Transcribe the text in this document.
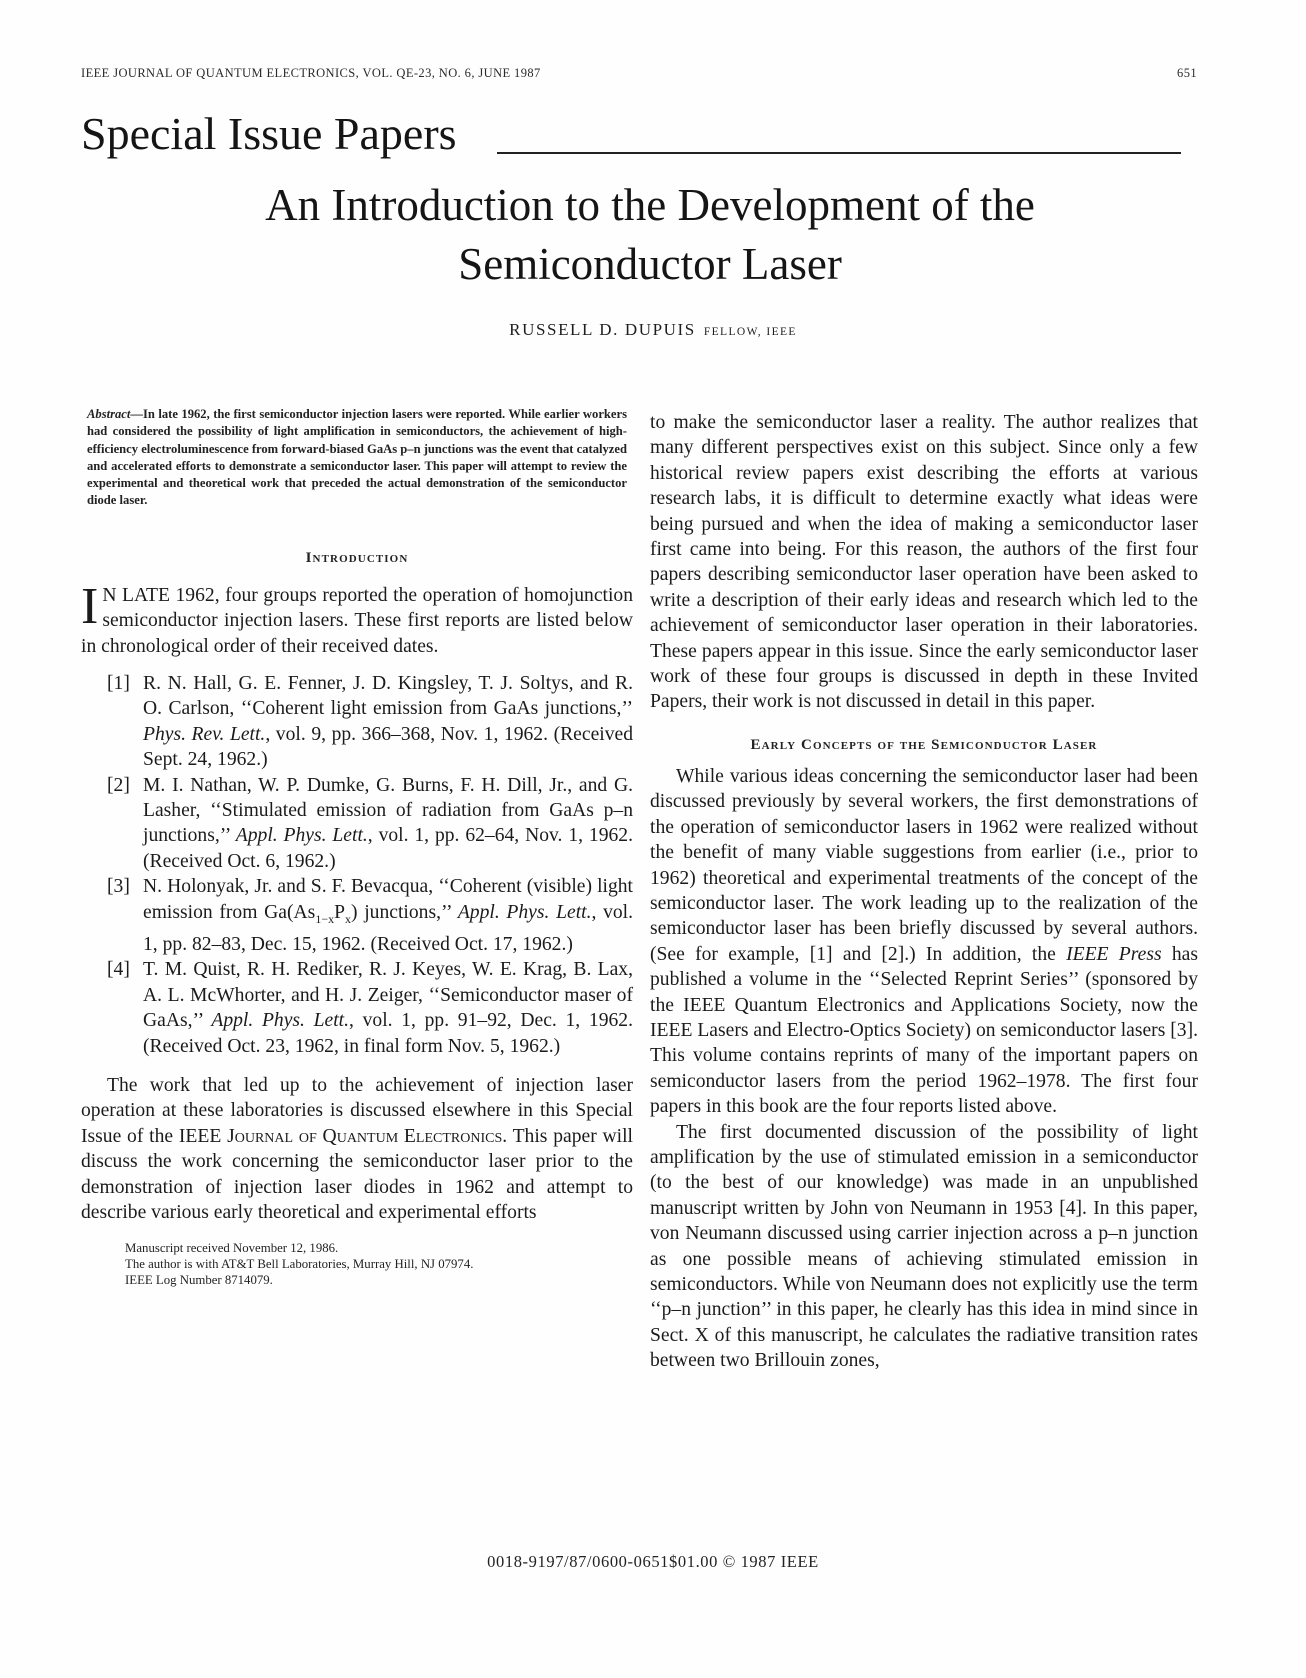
IEEE JOURNAL OF QUANTUM ELECTRONICS, VOL. QE-23, NO. 6, JUNE 1987	651
Special Issue Papers
An Introduction to the Development of the
Semiconductor Laser
RUSSELL D. DUPUIS FELLOW, IEEE

Abstract—In late 1962, the first semiconductor injection lasers were reported. While earlier workers had considered the possibility of light amplification in semiconductors, the achievement of high-efficiency electroluminescence from forward-biased GaAs p–n junctions was the event that catalyzed and accelerated efforts to demonstrate a semiconductor laser. This paper will attempt to review the experimental and theoretical work that preceded the actual demonstration of the semiconductor diode laser.

Introduction

I N LATE 1962, four groups reported the operation of homojunction semiconductor injection lasers. These first reports are listed below in chronological order of their received dates.

[1] R. N. Hall, G. E. Fenner, J. D. Kingsley, T. J. Soltys, and R. O. Carlson, ‘‘Coherent light emission from GaAs junctions,’’ Phys. Rev. Lett., vol. 9, pp. 366–368, Nov. 1, 1962. (Received Sept. 24, 1962.)
[2] M. I. Nathan, W. P. Dumke, G. Burns, F. H. Dill, Jr., and G. Lasher, ‘‘Stimulated emission of radiation from GaAs p–n junctions,’’ Appl. Phys. Lett., vol. 1, pp. 62–64, Nov. 1, 1962. (Received Oct. 6, 1962.)
[3] N. Holonyak, Jr. and S. F. Bevacqua, ‘‘Coherent (visible) light emission from $Ga(As_{1-x}P_x)$ junctions,’’ Appl. Phys. Lett., vol. 1, pp. 82–83, Dec. 15, 1962. (Received Oct. 17, 1962.)
[4] T. M. Quist, R. H. Rediker, R. J. Keyes, W. E. Krag, B. Lax, A. L. McWhorter, and H. J. Zeiger, ‘‘Semiconductor maser of GaAs,’’ Appl. Phys. Lett., vol. 1, pp. 91–92, Dec. 1, 1962. (Received Oct. 23, 1962, in final form Nov. 5, 1962.)

The work that led up to the achievement of injection laser operation at these laboratories is discussed elsewhere in this Special Issue of the IEEE Journal of Quantum Electronics. This paper will discuss the work concerning the semiconductor laser prior to the demonstration of injection laser diodes in 1962 and attempt to describe various early theoretical and experimental efforts

Manuscript received November 12, 1986.

The author is with AT&T Bell Laboratories, Murray Hill, NJ 07974.

IEEE Log Number 8714079.

to make the semiconductor laser a reality. The author realizes that many different perspectives exist on this subject. Since only a few historical review papers exist describing the efforts at various research labs, it is difficult to determine exactly what ideas were being pursued and when the idea of making a semiconductor laser first came into being. For this reason, the authors of the first four papers describing semiconductor laser operation have been asked to write a description of their early ideas and research which led to the achievement of semiconductor laser operation in their laboratories. These papers appear in this issue. Since the early semiconductor laser work of these four groups is discussed in depth in these Invited Papers, their work is not discussed in detail in this paper.

Early Concepts of the Semiconductor Laser

While various ideas concerning the semiconductor laser had been discussed previously by several workers, the first demonstrations of the operation of semiconductor lasers in 1962 were realized without the benefit of many viable suggestions from earlier (i.e., prior to 1962) theoretical and experimental treatments of the concept of the semiconductor laser. The work leading up to the realization of the semiconductor laser has been briefly discussed by several authors. (See for example, [1] and [2].) In addition, the IEEE Press has published a volume in the ‘‘Selected Reprint Series’’ (sponsored by the IEEE Quantum Electronics and Applications Society, now the IEEE Lasers and Electro-Optics Society) on semiconductor lasers [3]. This volume contains reprints of many of the important papers on semiconductor lasers from the period 1962–1978. The first four papers in this book are the four reports listed above.

The first documented discussion of the possibility of light amplification by the use of stimulated emission in a semiconductor (to the best of our knowledge) was made in an unpublished manuscript written by John von Neumann in 1953 [4]. In this paper, von Neumann discussed using carrier injection across a p–n junction as one possible means of achieving stimulated emission in semiconductors. While von Neumann does not explicitly use the term ‘‘p–n junction’’ in this paper, he clearly has this idea in mind since in Sect. X of this manuscript, he calculates the radiative transition rates between two Brillouin zones,

0018-9197/87/0600-0651$01.00 © 1987 IEEE
